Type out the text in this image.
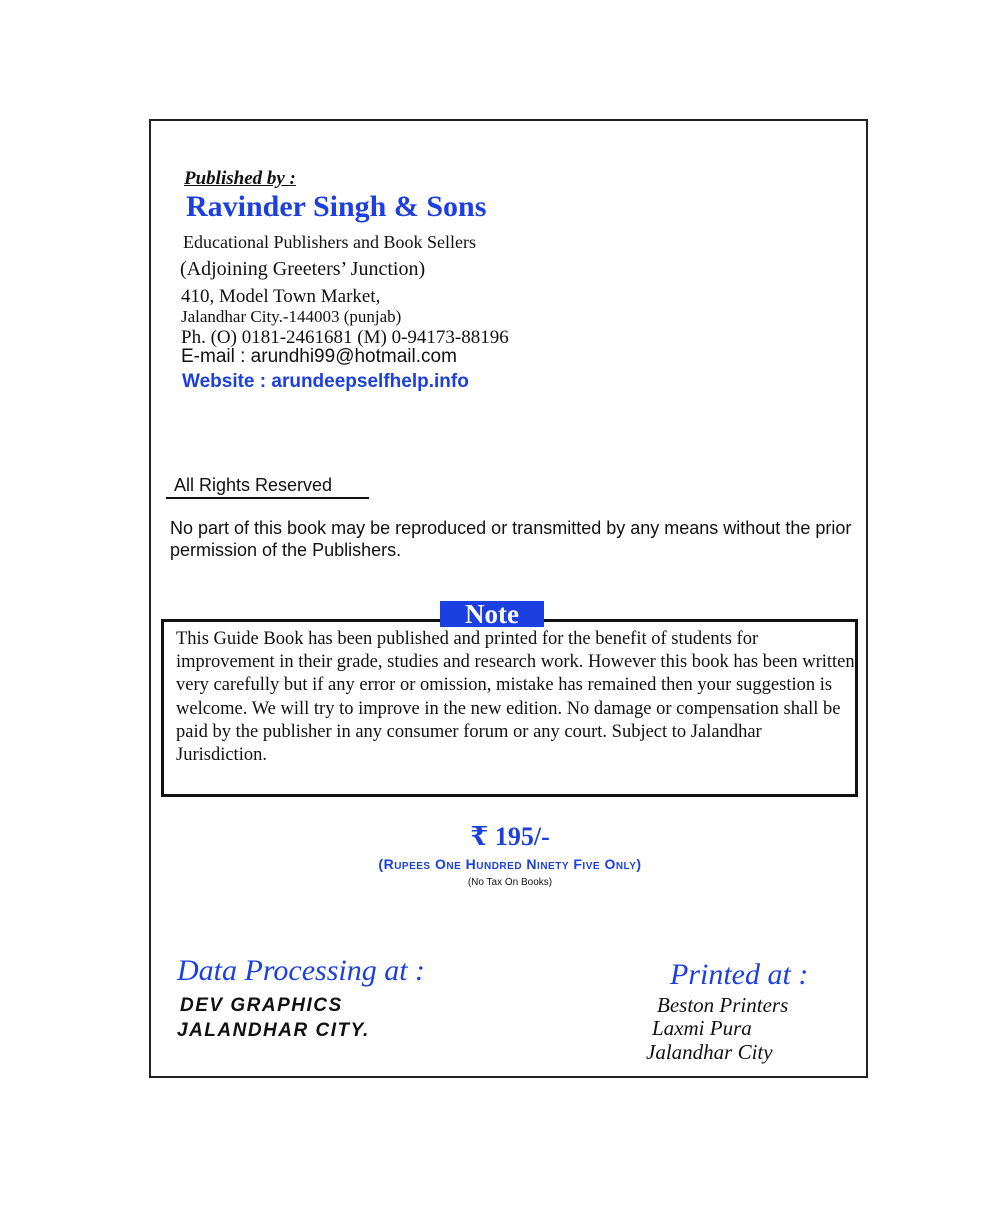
Published by :
Ravinder Singh & Sons
Educational Publishers and Book Sellers
(Adjoining Greeters’ Junction)
410, Model Town Market,
Jalandhar City.-144003 (punjab)
Ph. (O) 0181-2461681 (M) 0-94173-88196
E-mail : arundhi99@hotmail.com
Website : arundeepselfhelp.info
All Rights Reserved
No part of this book may be reproduced or transmitted by any means without the prior permission of the Publishers.
Note
This Guide Book has been published and printed for the benefit of students for improvement in their grade, studies and research work. However this book has been written very carefully but if any error or omission, mistake has remained then your suggestion is welcome. We will try to improve in the new edition. No damage or compensation shall be paid by the publisher in any consumer forum or any court. Subject to Jalandhar Jurisdiction.
₹ 195/-
(Rupees One Hundred Ninety Five Only)
(No Tax On Books)
Data Processing at :
DEV GRAPHICS
JALANDHAR CITY.
Printed at :
Beston Printers
Laxmi Pura
Jalandhar City
